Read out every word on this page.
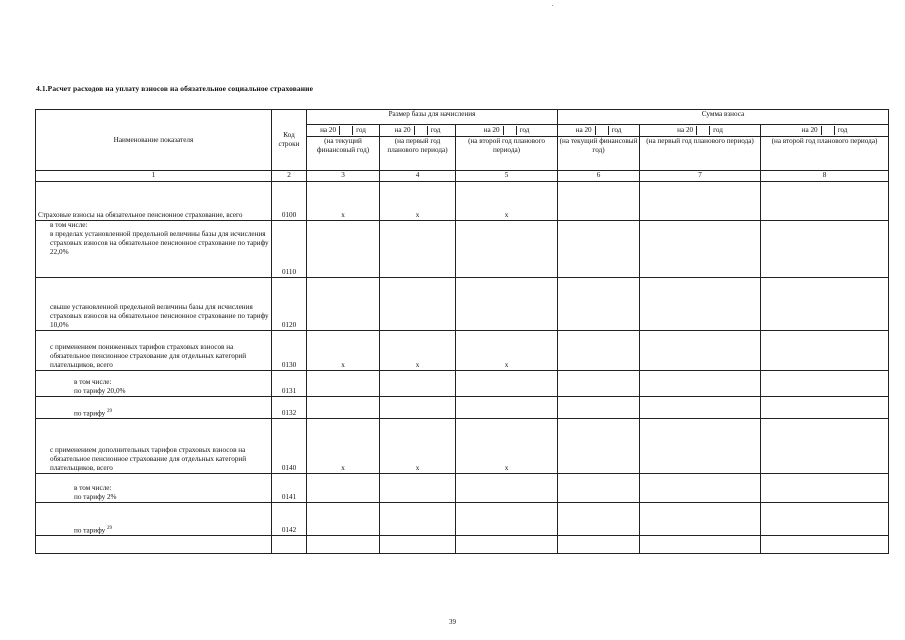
4.1.Расчет расходов на уплату взносов на обязательное социальное страхование
Наименование показателя	Код строки	Размер базы для начисления			Сумма взноса		

		на 20 год	на 20 год	на 20 год	на 20 год	на 20 год	на 20 год

		(на текущий финансовый год)	(на первый год планового периода)	(на второй год планового периода)	(на текущий финансовый год)	(на первый год планового периода)	(на второй год планового периода)
1	2	3	4	5	6	7	8
Страховые взносы на обязательное пенсионное страхование, всего	0100	x	x	x			

в том числе:
в пределах установленной предельной величины базы для исчисления страховых взносов на обязательное пенсионное страхование по тарифу 22,0%	0110						
свыше установленной предельной величины базы для исчисления страховых взносов на обязательное пенсионное страхование по тарифу 10,0%	0120						
с применением пониженных тарифов страховых взносов на обязательное пенсионное страхование для отдельных категорий плательщиков, всего	0130	x	x	x			

в том числе:
по тарифу 20,0%	0131						
по тарифу $^{29}$	0132						
с применением дополнительных тарифов страховых взносов на обязательное пенсионное страхование для отдельных категорий плательщиков, всего	0140	x	x	x			

в том числе:
по тарифу 2%	0141						
по тарифу $^{29}$	0142						

39
